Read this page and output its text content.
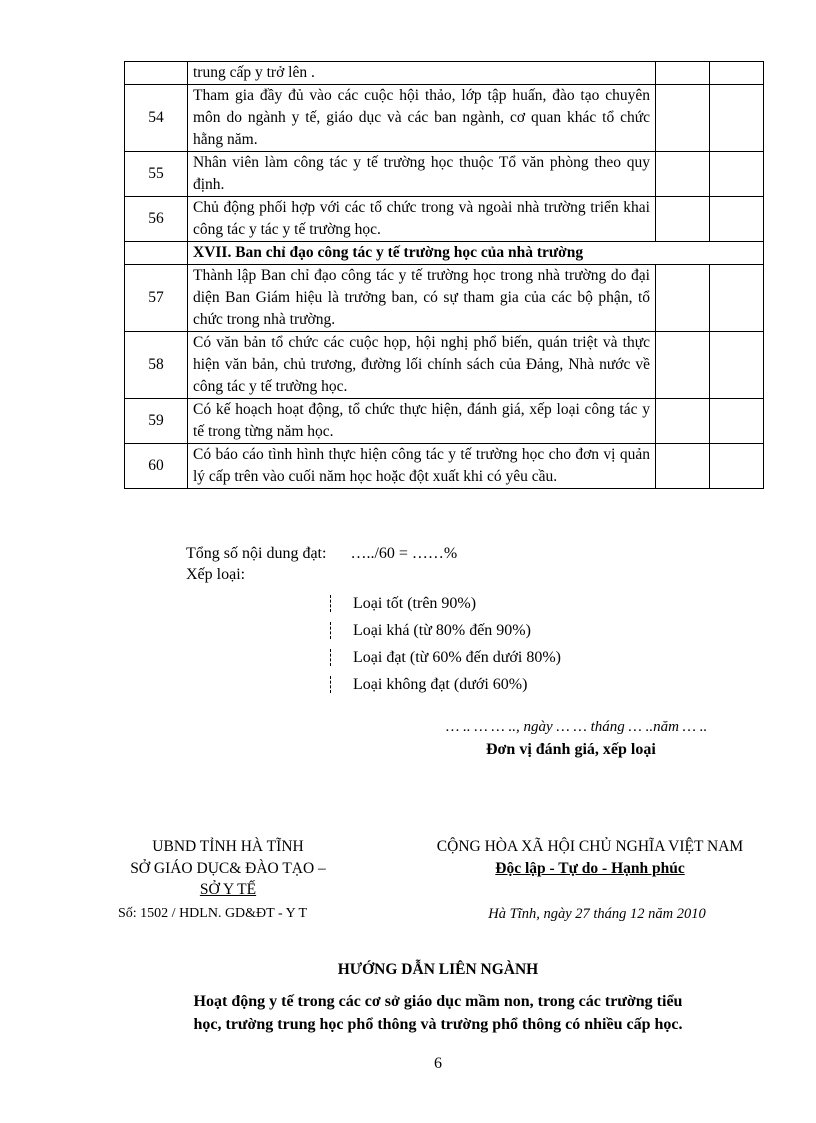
	trung cấp y trở lên .		
54	Tham gia đầy đủ vào các cuộc hội thảo, lớp tập huấn, đào tạo chuyên môn do ngành y tế, giáo dục và các ban ngành, cơ quan khác tổ chức hằng năm.		
55	Nhân viên làm công tác y tế trường học thuộc Tổ văn phòng theo quy định.		
56	Chủ động phối hợp với các tổ chức trong và ngoài nhà trường triển khai công tác y tác y tế trường học.		
	XVII. Ban chỉ đạo công tác y tế trường học của nhà trường		
57	Thành lập Ban chỉ đạo công tác y tế trường học trong nhà trường do đại diện Ban Giám hiệu là trưởng ban, có sự tham gia của các bộ phận, tổ chức trong nhà trường.		
58	Có văn bản tổ chức các cuộc họp, hội nghị phổ biến, quán triệt và thực hiện văn bản, chủ trương, đường lối chính sách của Đảng, Nhà nước về công tác y tế trường học.		
59	Có kế hoạch hoạt động, tổ chức thực hiện, đánh giá, xếp loại công tác y tế trong từng năm học.		
60	Có báo cáo tình hình thực hiện công tác y tế trường học cho đơn vị quản lý cấp trên vào cuối năm học hoặc đột xuất khi có yêu cầu.		
Tổng số nội dung đạt: …../60 = ……%
Xếp loại:
Loại tốt (trên 90%)
Loại khá (từ 80% đến 90%)
Loại đạt (từ 60% đến dưới 80%)
Loại không đạt (dưới 60%)
… .. … … .., ngày … … tháng … ..năm … ..
Đơn vị đánh giá, xếp loại
UBND TỈNH HÀ TĨNH
SỞ GIÁO DỤC& ĐÀO TẠO –
SỞ Y TẾ
CỘNG HÒA XÃ HỘI CHỦ NGHĨA VIỆT NAM
Độc lập - Tự do - Hạnh phúc
Số: 1502 / HDLN. GD&ĐT - Y T	Hà Tĩnh, ngày 27 tháng 12 năm 2010
HƯỚNG DẪN LIÊN NGÀNH
Hoạt động y tế trong các cơ sở giáo dục mầm non, trong các trường tiểu
học, trường trung học phổ thông và trường phổ thông có nhiều cấp học.
6
